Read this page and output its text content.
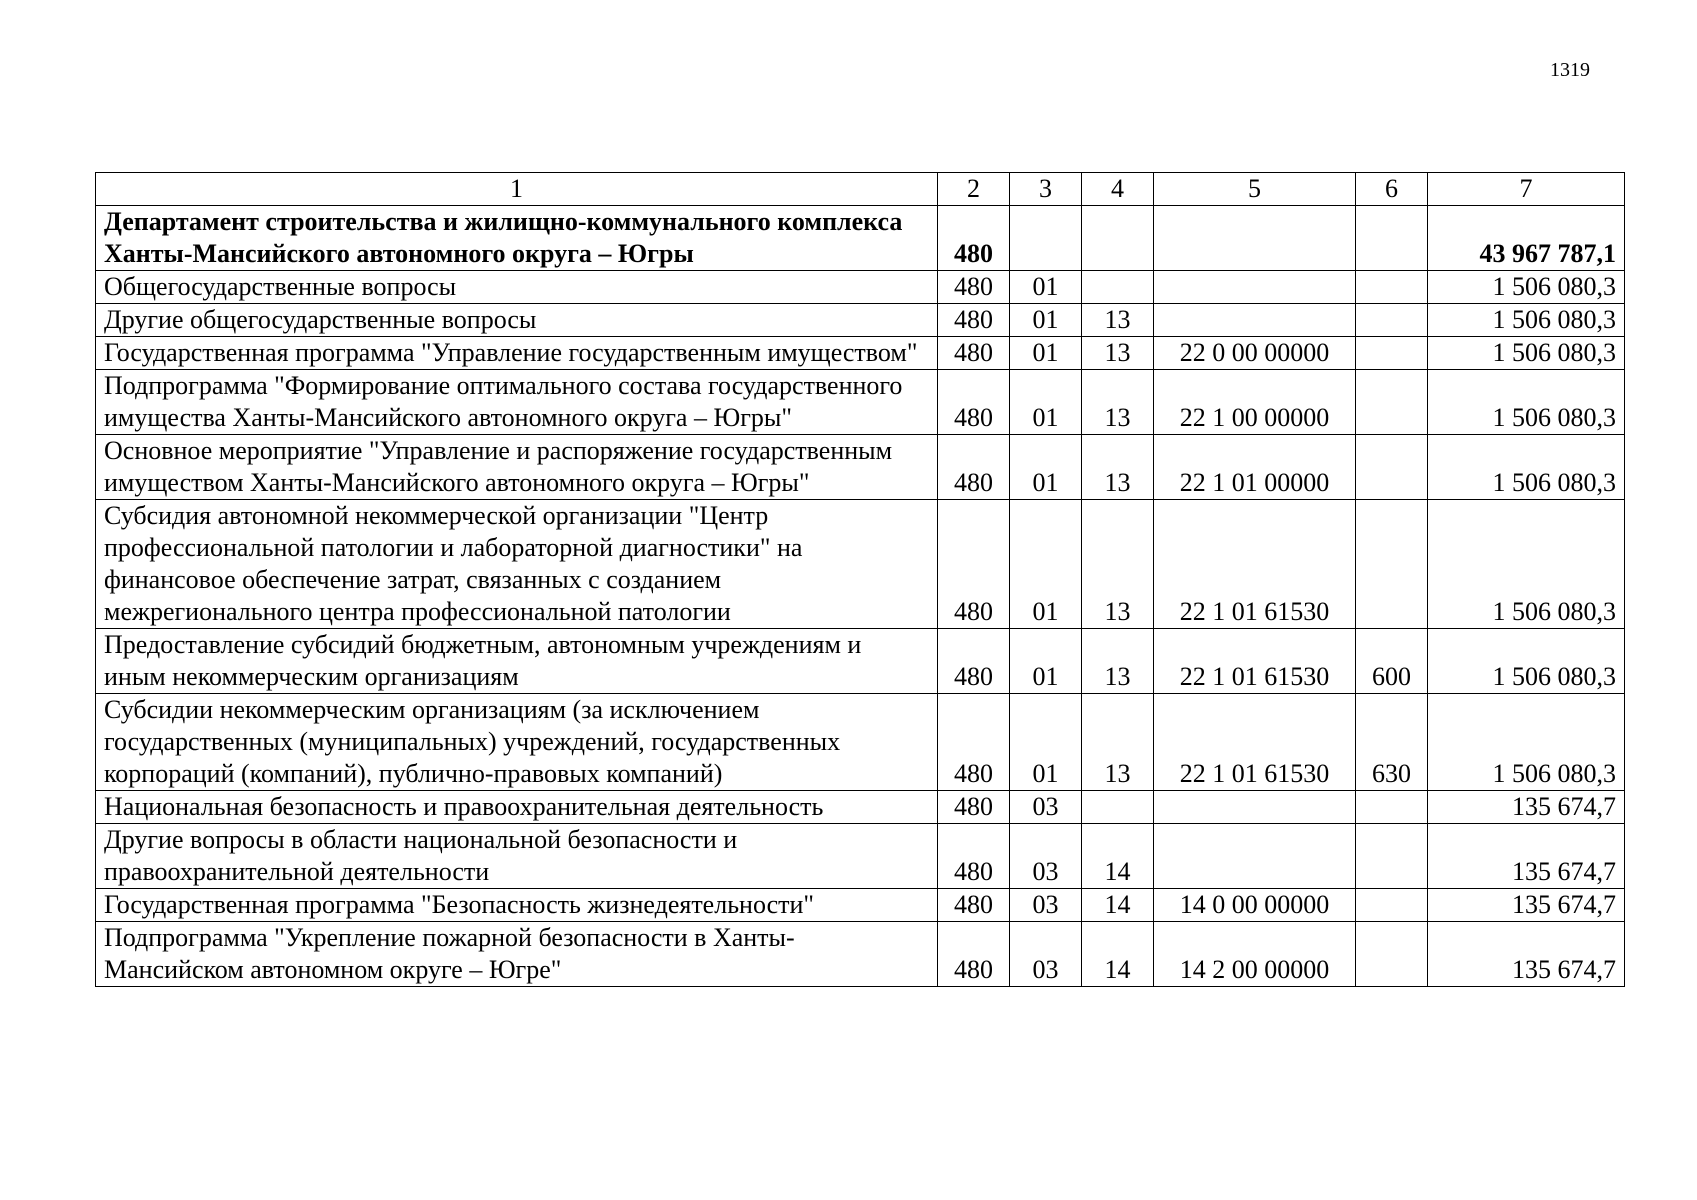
1319
1	2	3	4	5	6	7
Департамент строительства и жилищно-коммунального комплекса Ханты-Мансийского автономного округа – Югры	480					43 967 787,1
Общегосударственные вопросы	480	01				1 506 080,3
Другие общегосударственные вопросы	480	01	13			1 506 080,3
Государственная программа "Управление государственным имуществом"	480	01	13	22 0 00 00000		1 506 080,3
Подпрограмма "Формирование оптимального состава государственного имущества Ханты-Мансийского автономного округа – Югры"	480	01	13	22 1 00 00000		1 506 080,3
Основное мероприятие "Управление и распоряжение государственным имуществом Ханты-Мансийского автономного округа – Югры"	480	01	13	22 1 01 00000		1 506 080,3
Субсидия автономной некоммерческой организации "Центр профессиональной патологии и лабораторной диагностики" на финансовое обеспечение затрат, связанных с созданием межрегионального центра профессиональной патологии	480	01	13	22 1 01 61530		1 506 080,3
Предоставление субсидий бюджетным, автономным учреждениям и иным некоммерческим организациям	480	01	13	22 1 01 61530	600	1 506 080,3
Субсидии некоммерческим организациям (за исключением государственных (муниципальных) учреждений, государственных корпораций (компаний), публично-правовых компаний)	480	01	13	22 1 01 61530	630	1 506 080,3
Национальная безопасность и правоохранительная деятельность	480	03				135 674,7
Другие вопросы в области национальной безопасности и правоохранительной деятельности	480	03	14			135 674,7
Государственная программа "Безопасность жизнедеятельности"	480	03	14	14 0 00 00000		135 674,7
Подпрограмма "Укрепление пожарной безопасности в Ханты-Мансийском автономном округе – Югре"	480	03	14	14 2 00 00000		135 674,7
